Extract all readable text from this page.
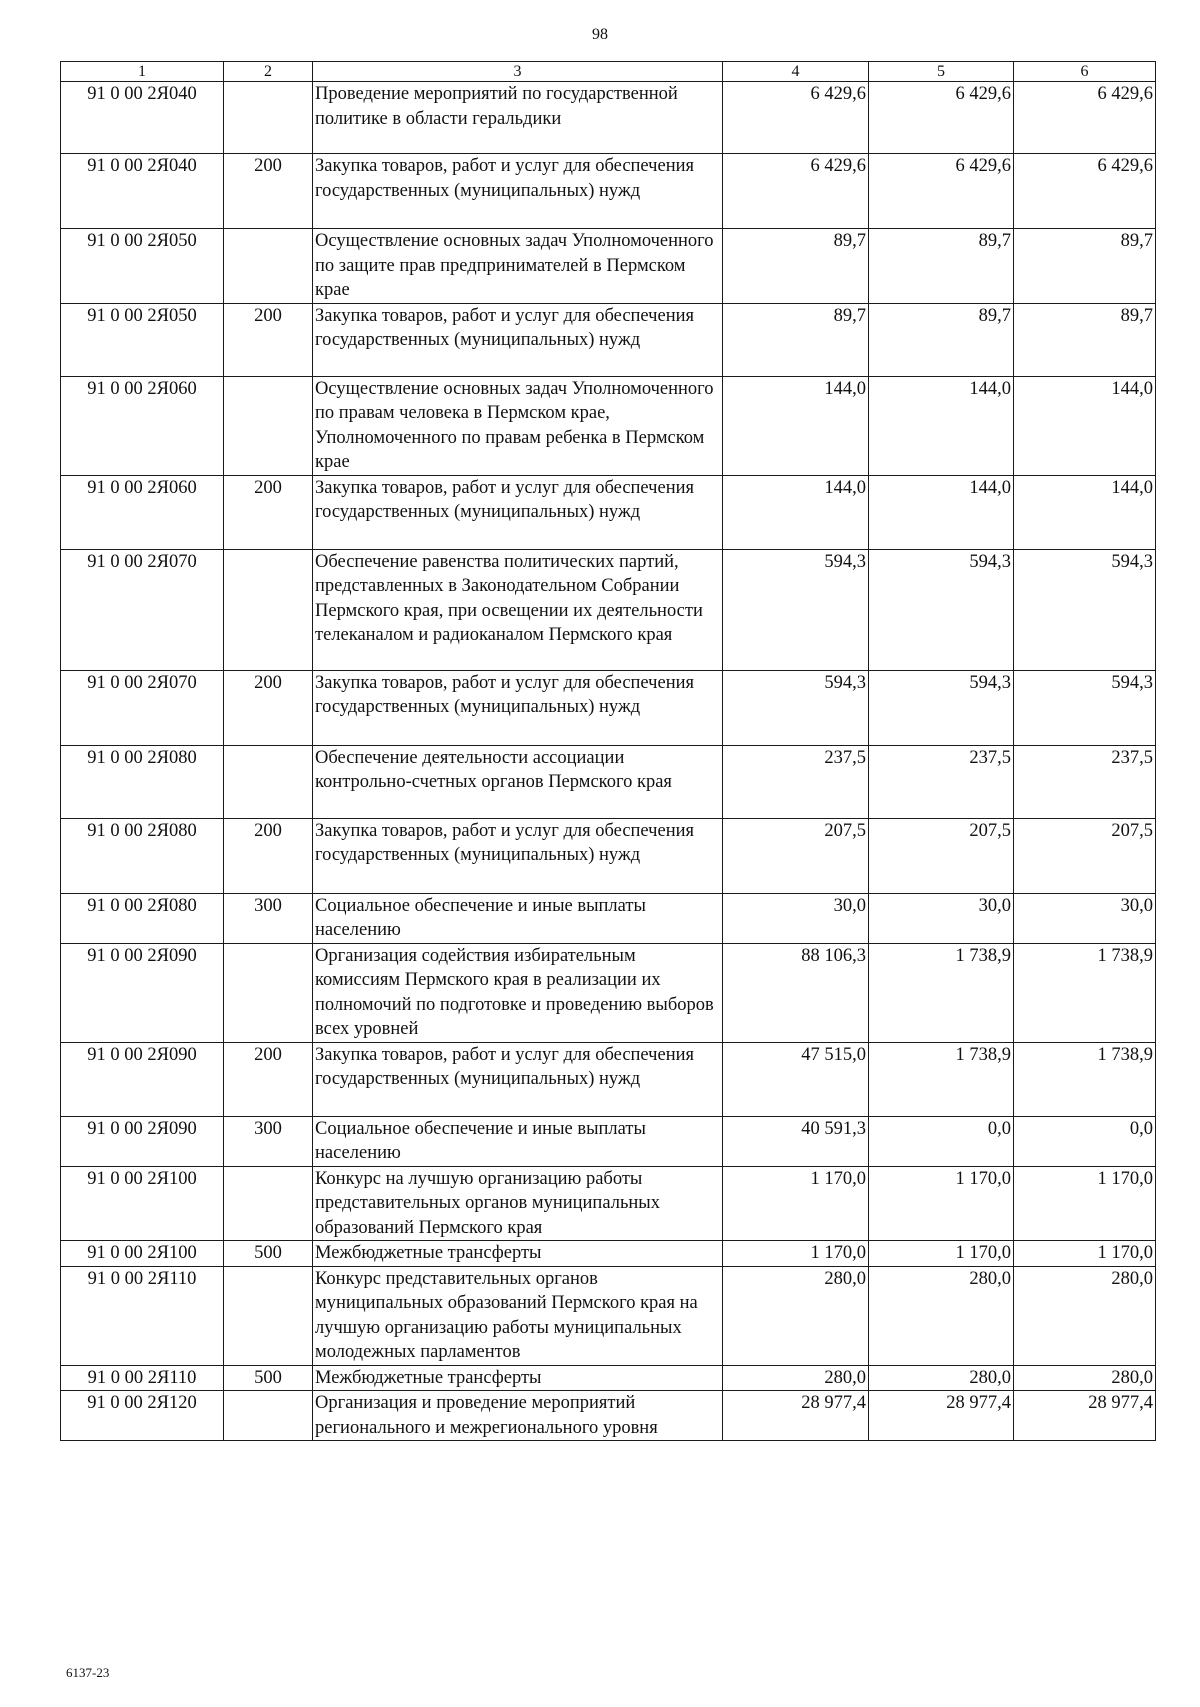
98
1	2	3	4	5	6
91 0 00 2Я040		Проведение мероприятий по государственной политике в области геральдики	6 429,6	6 429,6	6 429,6
91 0 00 2Я040	200	Закупка товаров, работ и услуг для обеспечения государственных (муниципальных) нужд	6 429,6	6 429,6	6 429,6
91 0 00 2Я050		Осуществление основных задач Уполномоченного по защите прав предпринимателей в Пермском крае	89,7	89,7	89,7
91 0 00 2Я050	200	Закупка товаров, работ и услуг для обеспечения государственных (муниципальных) нужд	89,7	89,7	89,7
91 0 00 2Я060		Осуществление основных задач Уполномоченного по правам человека в Пермском крае, Уполномоченного по правам ребенка в Пермском крае	144,0	144,0	144,0
91 0 00 2Я060	200	Закупка товаров, работ и услуг для обеспечения государственных (муниципальных) нужд	144,0	144,0	144,0
91 0 00 2Я070		Обеспечение равенства политических партий, представленных в Законодательном Собрании Пермского края, при освещении их деятельности телеканалом и радиоканалом Пермского края	594,3	594,3	594,3
91 0 00 2Я070	200	Закупка товаров, работ и услуг для обеспечения государственных (муниципальных) нужд	594,3	594,3	594,3
91 0 00 2Я080		Обеспечение деятельности ассоциации контрольно-счетных органов Пермского края	237,5	237,5	237,5
91 0 00 2Я080	200	Закупка товаров, работ и услуг для обеспечения государственных (муниципальных) нужд	207,5	207,5	207,5
91 0 00 2Я080	300	Социальное обеспечение и иные выплаты населению	30,0	30,0	30,0
91 0 00 2Я090		Организация содействия избирательным комиссиям Пермского края в реализации их полномочий по подготовке и проведению выборов всех уровней	88 106,3	1 738,9	1 738,9
91 0 00 2Я090	200	Закупка товаров, работ и услуг для обеспечения государственных (муниципальных) нужд	47 515,0	1 738,9	1 738,9
91 0 00 2Я090	300	Социальное обеспечение и иные выплаты населению	40 591,3	0,0	0,0
91 0 00 2Я100		Конкурс на лучшую организацию работы представительных органов муниципальных образований Пермского края	1 170,0	1 170,0	1 170,0
91 0 00 2Я100	500	Межбюджетные трансферты	1 170,0	1 170,0	1 170,0
91 0 00 2Я110		Конкурс представительных органов муниципальных образований Пермского края на лучшую организацию работы муниципальных молодежных парламентов	280,0	280,0	280,0
91 0 00 2Я110	500	Межбюджетные трансферты	280,0	280,0	280,0
91 0 00 2Я120		Организация и проведение мероприятий регионального и межрегионального уровня	28 977,4	28 977,4	28 977,4
6137-23
